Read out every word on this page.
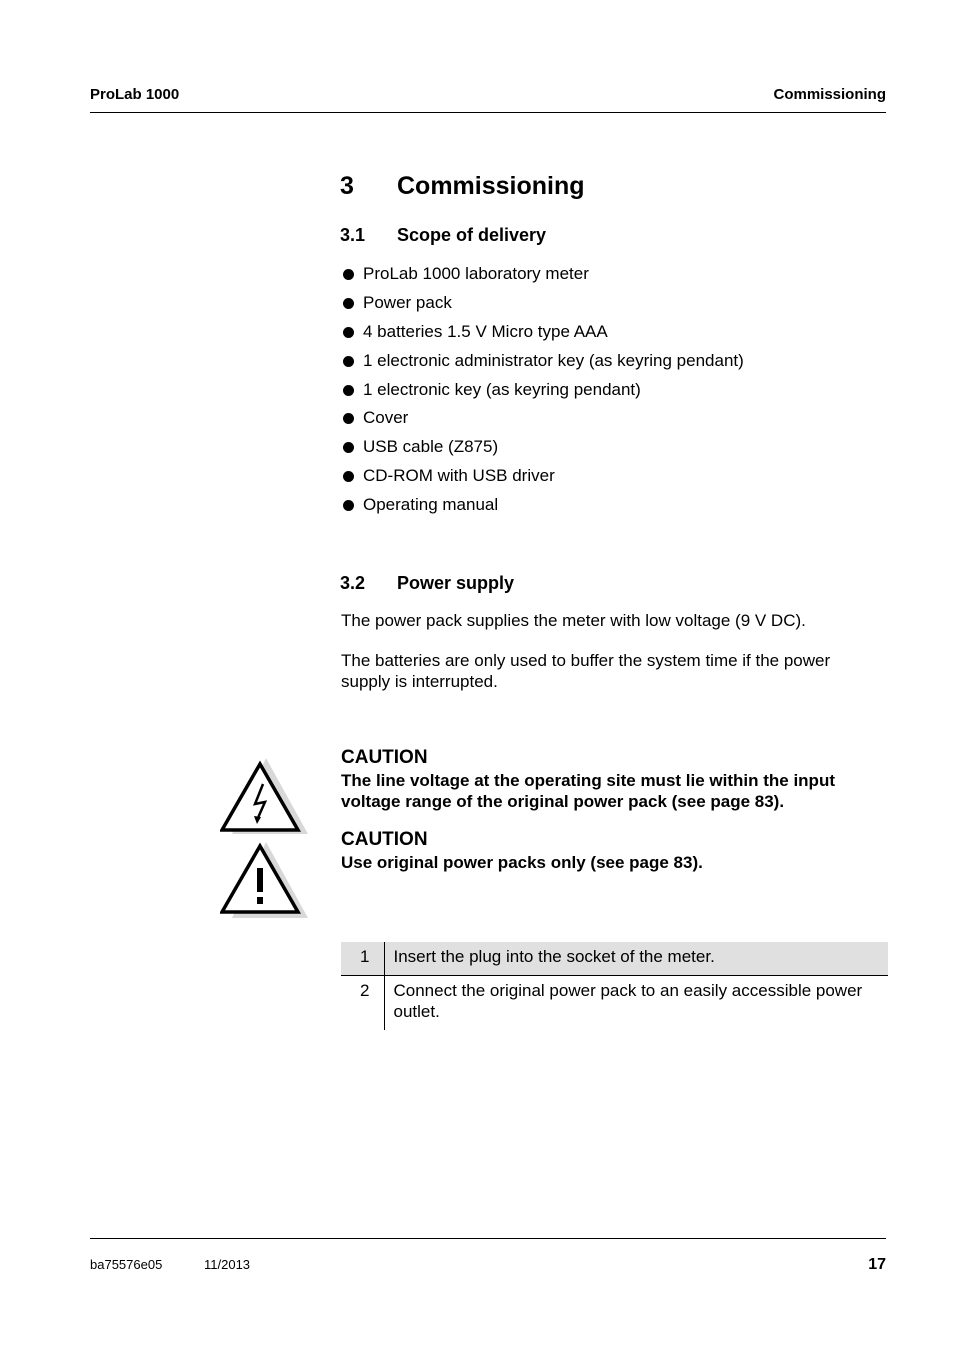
ProLab 1000	Commissioning
3 Commissioning
3.1 Scope of delivery
ProLab 1000 laboratory meter
Power pack
4 batteries 1.5 V Micro type AAA
1 electronic administrator key (as keyring pendant)
1 electronic key (as keyring pendant)
Cover
USB cable (Z875)
CD-ROM with USB driver
Operating manual
3.2 Power supply
The power pack supplies the meter with low voltage (9 V DC).
The batteries are only used to buffer the system time if the power supply is interrupted.
CAUTION
The line voltage at the operating site must lie within the input voltage range of the original power pack (see page 83).
CAUTION
Use original power packs only (see page 83).
1	Insert the plug into the socket of the meter.
2	Connect the original power pack to an easily accessible power outlet.
ba75576e05	11/2013	17
